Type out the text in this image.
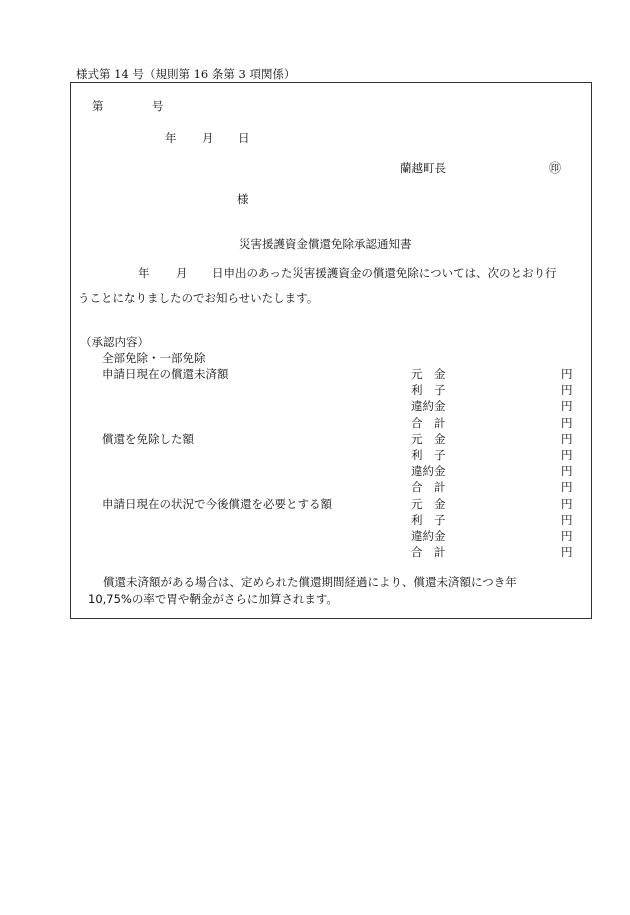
様式第 14 号（規則第 16 条第 3 項関係）
第	号
年 月 日
蘭越町長	㊞
様
災害援護資金償還免除承認通知書
年 月 日申出のあった災害援護資金の償還免除については、次のとおり行
うことになりましたのでお知らせいたします。
（承認内容）
全部免除・一部免除
申請日現在の償還未済額	元　金	円
利　子	円
違約金	円
合　計	円
償還を免除した額	元　金	円
利　子	円
違約金	円
合　計	円
申請日現在の状況で今後償還を必要とする額	元　金	円
利　子	円
違約金	円
合　計	円
償還未済額がある場合は、定められた償還期間経過により、償還未済額につき年
10,75%の率で胃や鞆金がさらに加算されます。
